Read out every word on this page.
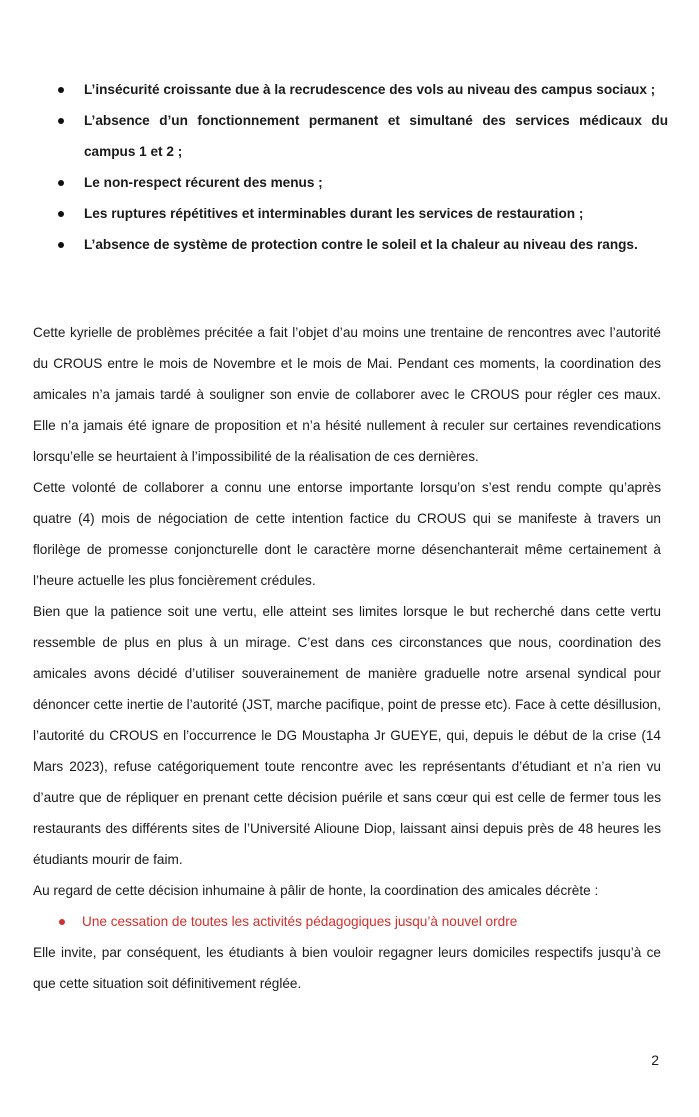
L’insécurité croissante due à la recrudescence des vols au niveau des campus sociaux ;
L’absence d’un fonctionnement permanent et simultané des services médicaux du campus 1 et 2 ;
Le non-respect récurent des menus ;
Les ruptures répétitives et interminables durant les services de restauration ;
L’absence de système de protection contre le soleil et la chaleur au niveau des rangs.

Cette kyrielle de problèmes précitée a fait l’objet d’au moins une trentaine de rencontres avec l’autorité du CROUS entre le mois de Novembre et le mois de Mai. Pendant ces moments, la coordination des amicales n’a jamais tardé à souligner son envie de collaborer avec le CROUS pour régler ces maux. Elle n’a jamais été ignare de proposition et n’a hésité nullement à reculer sur certaines revendications lorsqu’elle se heurtaient à l’impossibilité de la réalisation de ces dernières.

Cette volonté de collaborer a connu une entorse importante lorsqu’on s’est rendu compte qu’après quatre (4) mois de négociation de cette intention factice du CROUS qui se manifeste à travers un florilège de promesse conjoncturelle dont le caractère morne désenchanterait même certainement à l’heure actuelle les plus foncièrement crédules.

Bien que la patience soit une vertu, elle atteint ses limites lorsque le but recherché dans cette vertu ressemble de plus en plus à un mirage. C’est dans ces circonstances que nous, coordination des amicales avons décidé d’utiliser souverainement de manière graduelle notre arsenal syndical pour dénoncer cette inertie de l’autorité (JST, marche pacifique, point de presse etc). Face à cette désillusion, l’autorité du CROUS en l’occurrence le DG Moustapha Jr GUEYE, qui, depuis le début de la crise (14 Mars 2023), refuse catégoriquement toute rencontre avec les représentants d’étudiant et n’a rien vu d’autre que de répliquer en prenant cette décision puérile et sans cœur qui est celle de fermer tous les restaurants des différents sites de l’Université Alioune Diop, laissant ainsi depuis près de 48 heures les étudiants mourir de faim.

Au regard de cette décision inhumaine à pâlir de honte, la coordination des amicales décrète :

Une cessation de toutes les activités pédagogiques jusqu’à nouvel ordre

Elle invite, par conséquent, les étudiants à bien vouloir regagner leurs domiciles respectifs jusqu’à ce que cette situation soit définitivement réglée.

2
